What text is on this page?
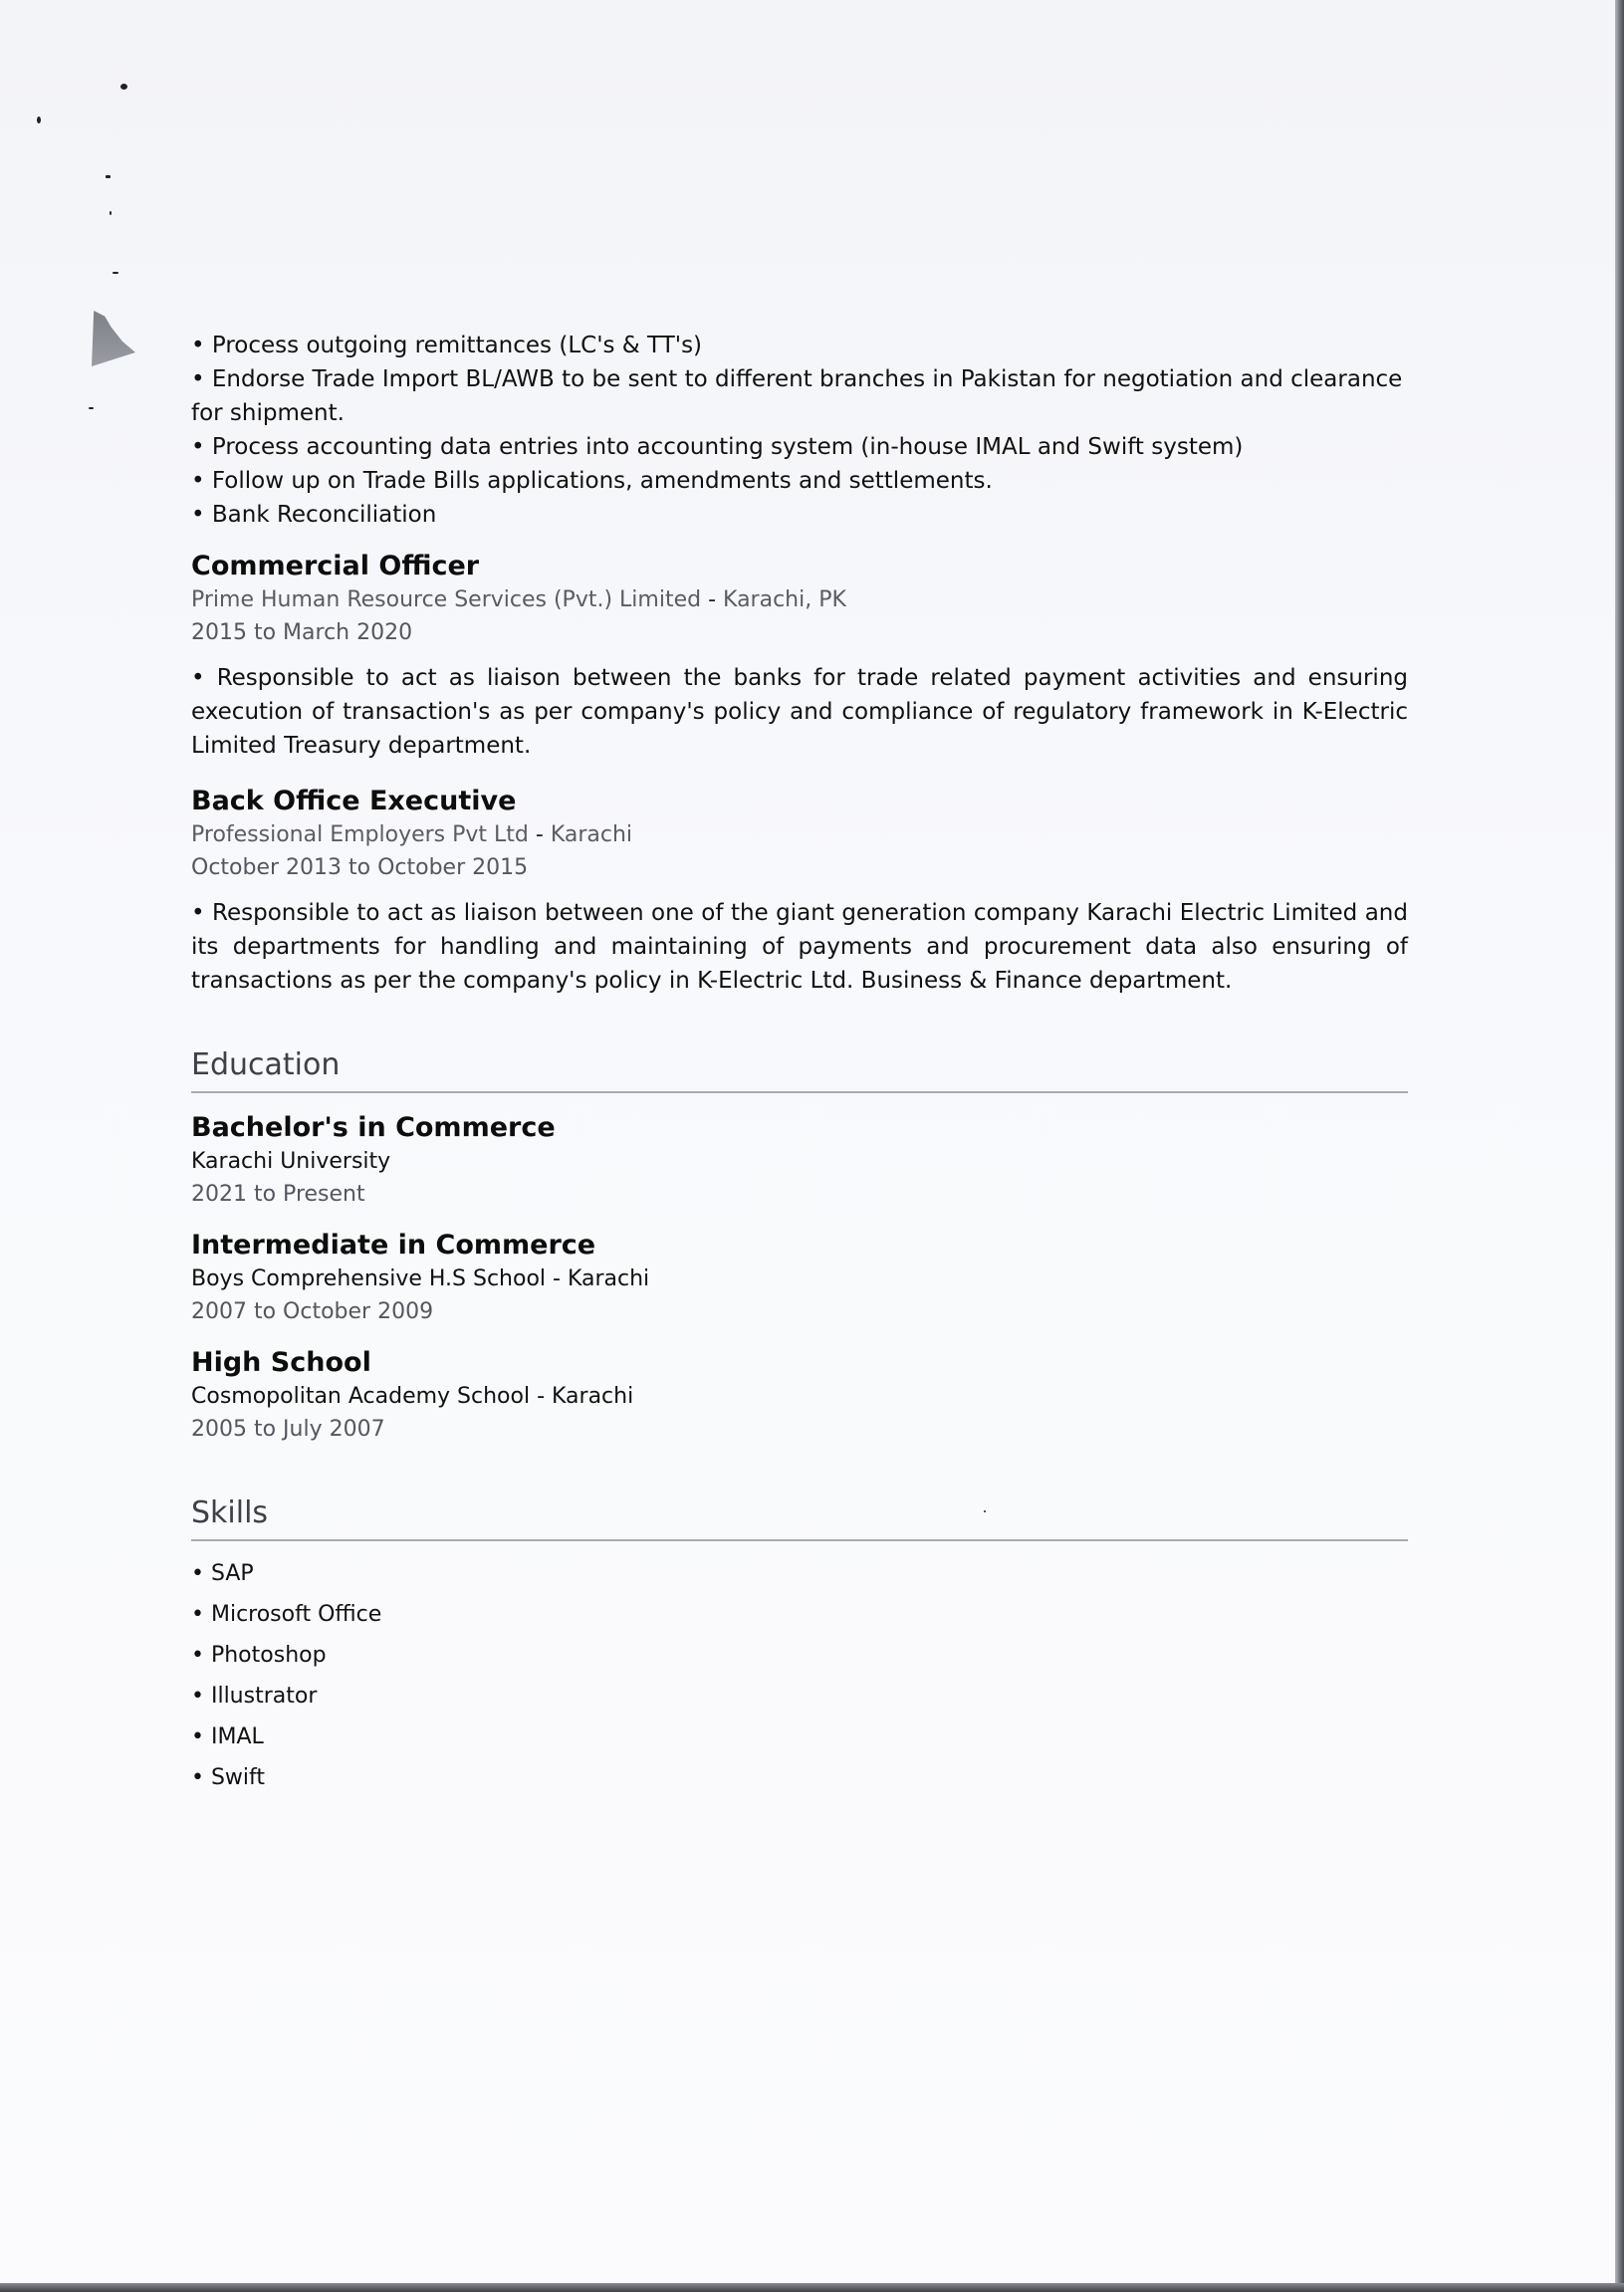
• Process outgoing remittances (LC's & TT's)

• Endorse Trade Import BL/AWB to be sent to different branches in Pakistan for negotiation and clearance for shipment.

• Process accounting data entries into accounting system (in-house IMAL and Swift system)

• Follow up on Trade Bills applications, amendments and settlements.

• Bank Reconciliation

Commercial Officer
Prime Human Resource Services (Pvt.) Limited - Karachi, PK
2015 to March 2020
• Responsible to act as liaison between the banks for trade related payment activities and ensuring execution of transaction's as per company's policy and compliance of regulatory framework in K-Electric Limited Treasury department.
Back Office Executive
Professional Employers Pvt Ltd - Karachi
October 2013 to October 2015
• Responsible to act as liaison between one of the giant generation company Karachi Electric Limited and its departments for handling and maintaining of payments and procurement data also ensuring of transactions as per the company's policy in K-Electric Ltd. Business & Finance department.
Education
Bachelor's in Commerce
Karachi University
2021 to Present
Intermediate in Commerce
Boys Comprehensive H.S School - Karachi
2007 to October 2009
High School
Cosmopolitan Academy School - Karachi
2005 to July 2007
Skills
• SAP
• Microsoft Office
• Photoshop
• Illustrator
• IMAL
• Swift
